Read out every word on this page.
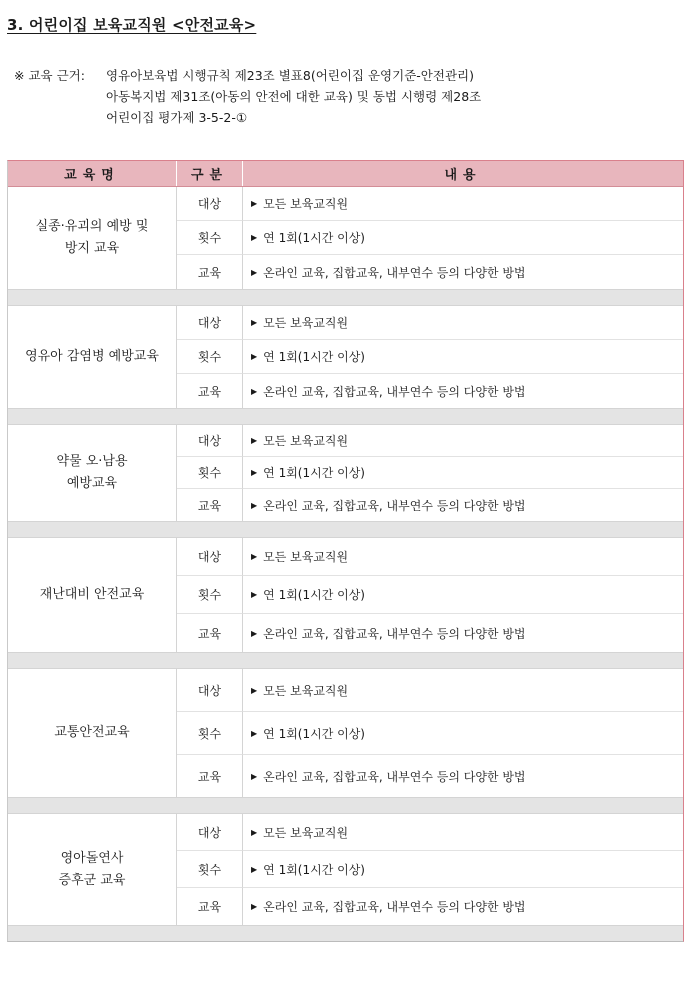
3. 어린이집 보육교직원 <안전교육>
※ 교육 근거:	영유아보육법 시행규칙 제23조 별표8(어린이집 운영기준-안전관리)
아동복지법 제31조(아동의 안전에 대한 교육) 및 동법 시행령 제28조
어린이집 평가제 3-5-2-①
교육명	구분	내용
실종·유괴의 예방 및
방지 교육
대상	▶ 모든 보육교직원
횟수	▶ 연 1회(1시간 이상)
교육	▶ 온라인 교육, 집합교육, 내부연수 등의 다양한 방법
영유아 감염병 예방교육
대상	▶ 모든 보육교직원
횟수	▶ 연 1회(1시간 이상)
교육	▶ 온라인 교육, 집합교육, 내부연수 등의 다양한 방법
약물 오·남용
예방교육
대상	▶ 모든 보육교직원
횟수	▶ 연 1회(1시간 이상)
교육	▶ 온라인 교육, 집합교육, 내부연수 등의 다양한 방법
재난대비 안전교육
대상	▶ 모든 보육교직원
횟수	▶ 연 1회(1시간 이상)
교육	▶ 온라인 교육, 집합교육, 내부연수 등의 다양한 방법
교통안전교육
대상	▶ 모든 보육교직원
횟수	▶ 연 1회(1시간 이상)
교육	▶ 온라인 교육, 집합교육, 내부연수 등의 다양한 방법
영아돌연사
증후군 교육
대상	▶ 모든 보육교직원
횟수	▶ 연 1회(1시간 이상)
교육	▶ 온라인 교육, 집합교육, 내부연수 등의 다양한 방법
